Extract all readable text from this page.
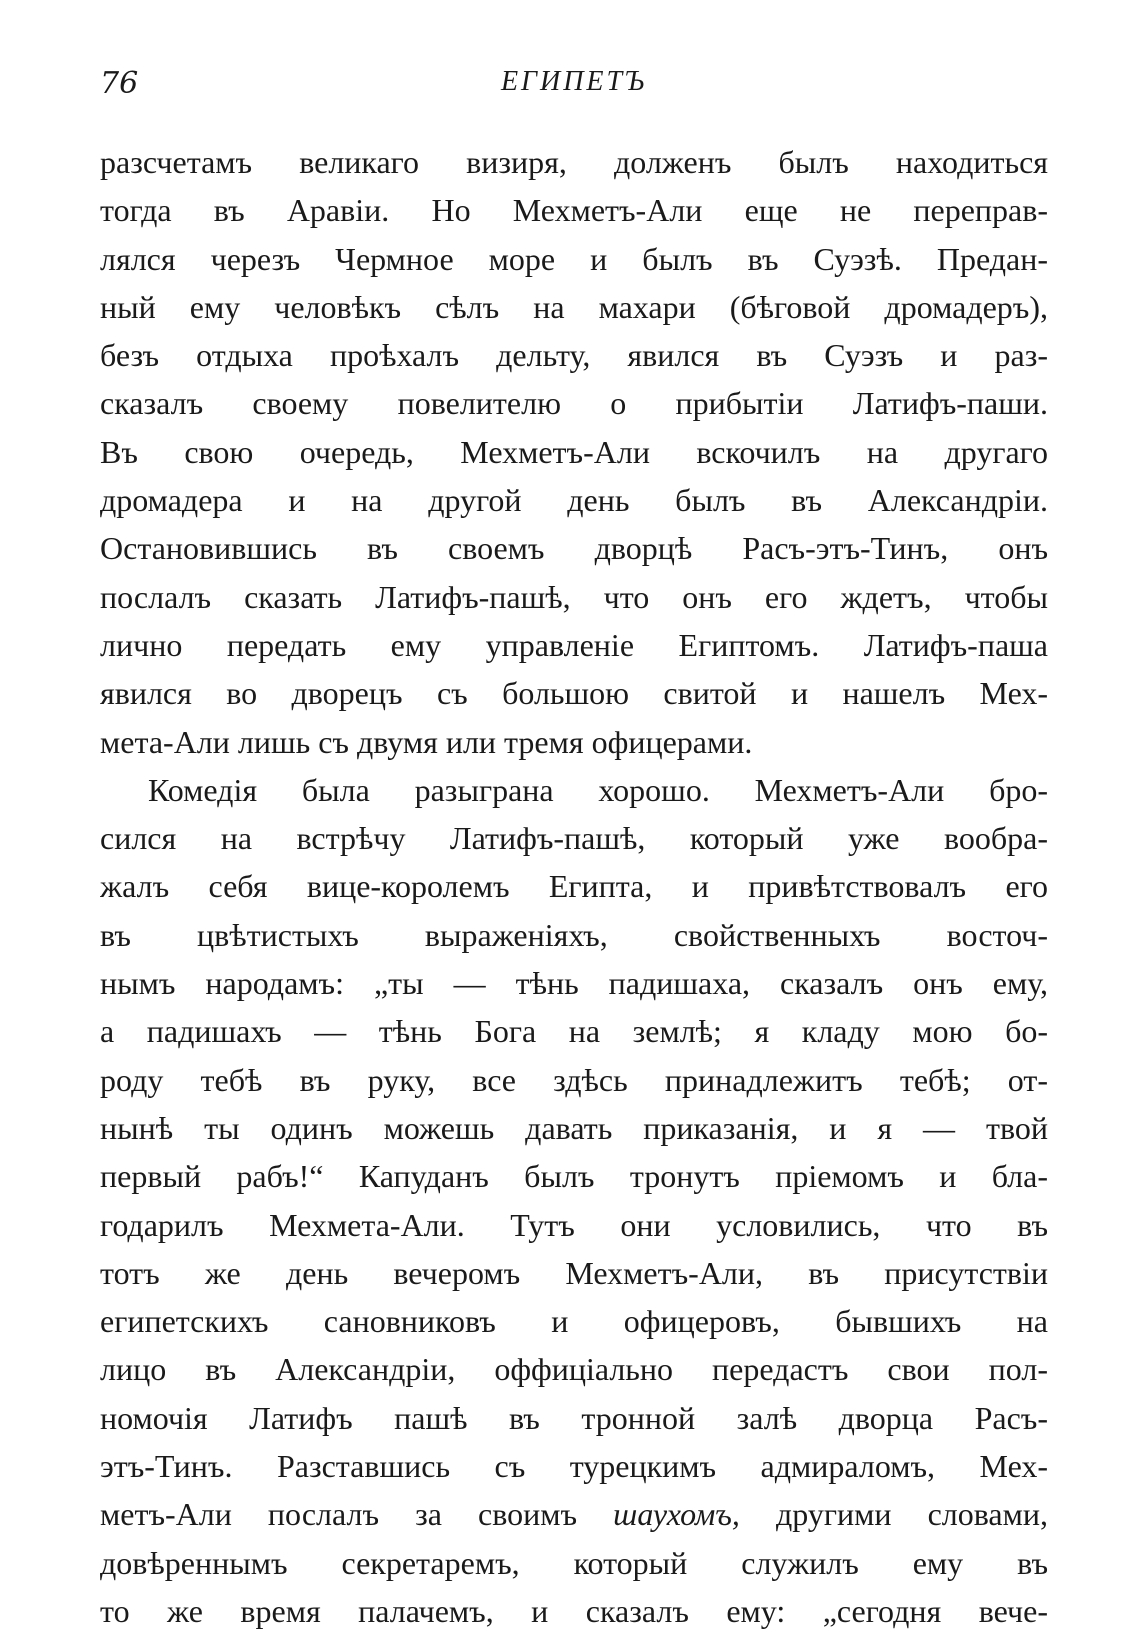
76	ЕГИПЕТЪ
разсчетамъ великаго визиря, долженъ былъ находиться
тогда въ Аравіи. Но Мехметъ-Али еще не переправ-
лялся черезъ Чермное море и былъ въ Суэзѣ. Предан-
ный ему человѣкъ сѣлъ на махари (бѣговой дромадеръ),
безъ отдыха проѣхалъ дельту, явился въ Суэзъ и раз-
сказалъ своему повелителю о прибытіи Латифъ-паши.
Въ свою очередь, Мехметъ-Али вскочилъ на другаго
дромадера и на другой день былъ въ Александріи.
Остановившись въ своемъ дворцѣ Расъ-этъ-Тинъ, онъ
послалъ сказать Латифъ-пашѣ, что онъ его ждетъ, чтобы
лично передать ему управленіе Египтомъ. Латифъ-паша
явился во дворецъ съ большою свитой и нашелъ Мех-
мета-Али лишь съ двумя или тремя офицерами.
Комедія была разыграна хорошо. Мехметъ-Али бро-
сился на встрѣчу Латифъ-пашѣ, который уже вообра-
жалъ себя вице-королемъ Египта, и привѣтствовалъ его
въ цвѣтистыхъ выраженіяхъ, свойственныхъ восточ-
нымъ народамъ: „ты — тѣнь падишаха, сказалъ онъ ему,
а падишахъ — тѣнь Бога на землѣ; я кладу мою бо-
роду тебѣ въ руку, все здѣсь принадлежитъ тебѣ; от-
нынѣ ты одинъ можешь давать приказанія, и я — твой
первый рабъ!“ Капуданъ былъ тронутъ пріемомъ и бла-
годарилъ Мехмета-Али. Тутъ они условились, что въ
тотъ же день вечеромъ Мехметъ-Али, въ присутствіи
египетскихъ сановниковъ и офицеровъ, бывшихъ на
лицо въ Александріи, оффиціально передастъ свои пол-
номочія Латифъ пашѣ въ тронной залѣ дворца Расъ-
этъ-Тинъ. Разставшись съ турецкимъ адмираломъ, Мех-
метъ-Али послалъ за своимъ шаухомъ, другими словами,
довѣреннымъ секретаремъ, который служилъ ему въ
то же время палачемъ, и сказалъ ему: „сегодня вече-
